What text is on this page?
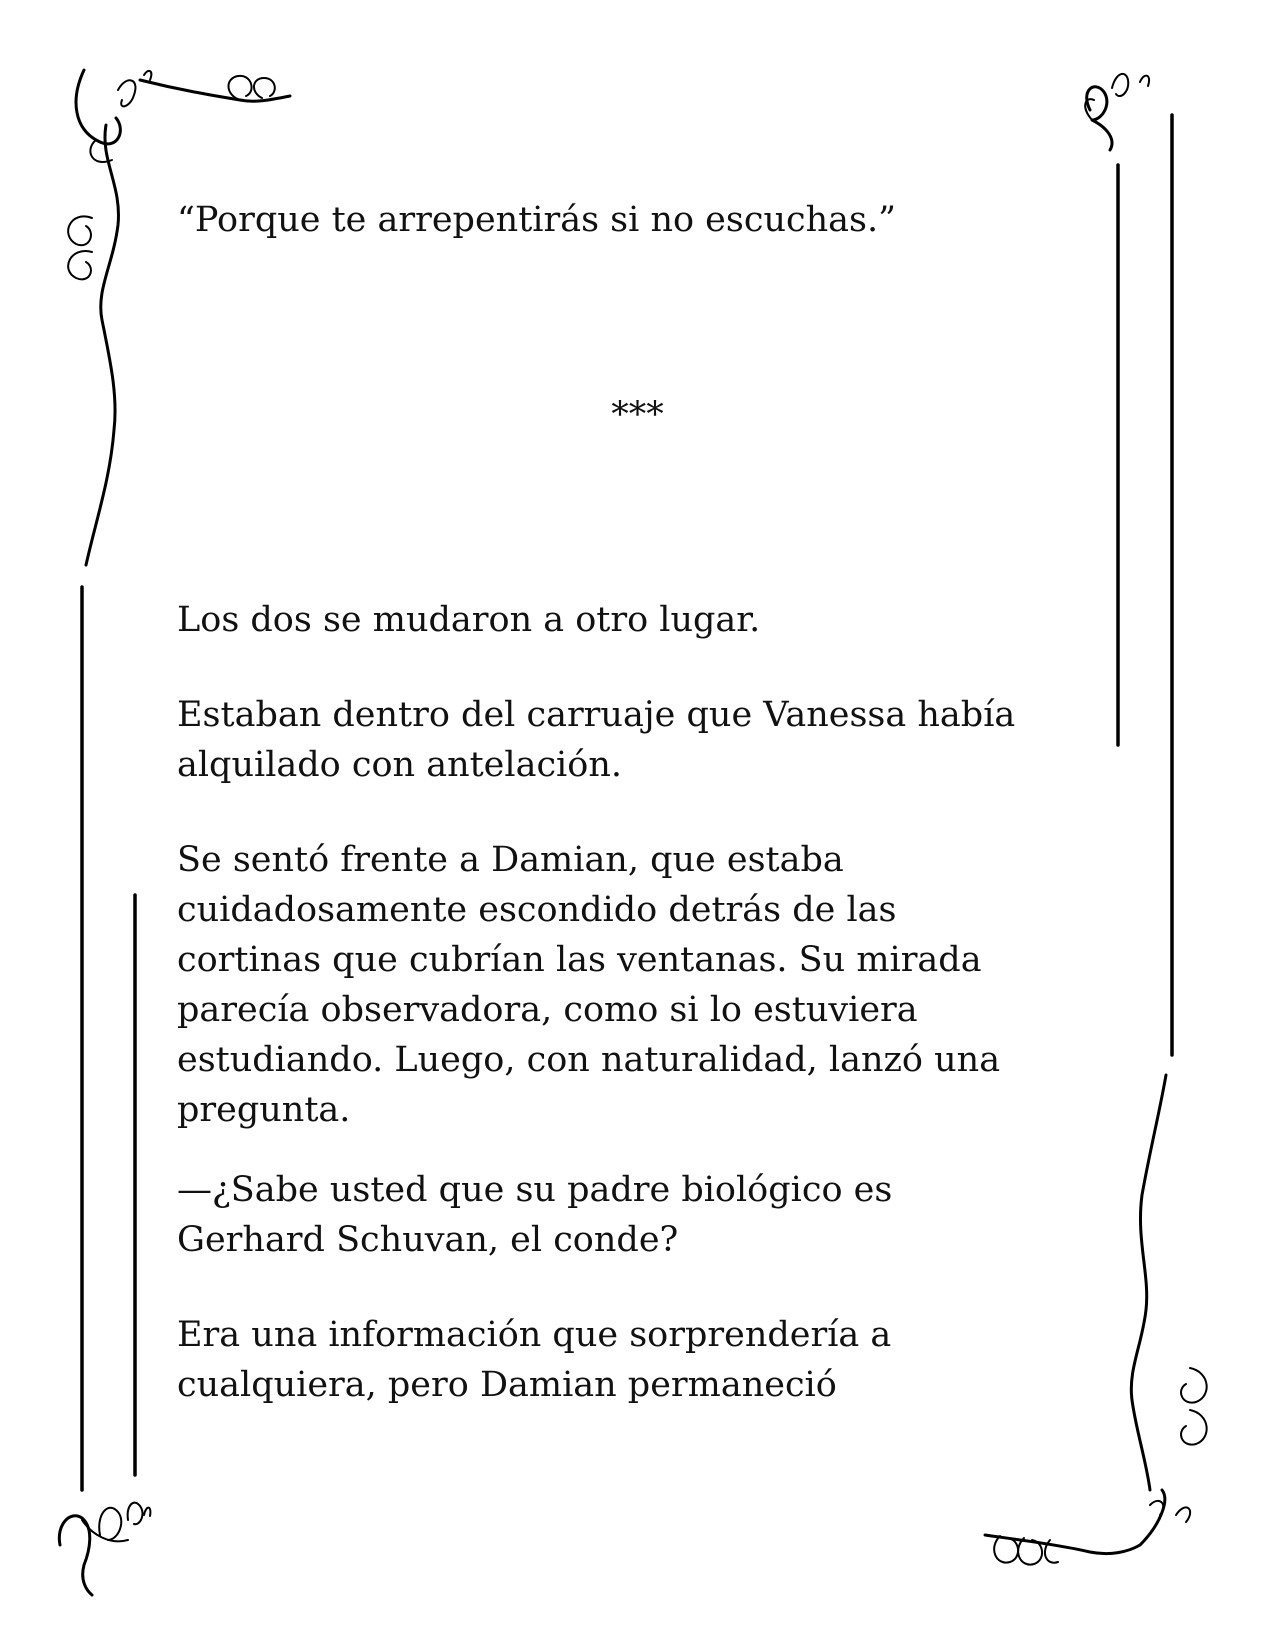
“Porque te arrepentirás si no escuchas.”

***

Los dos se mudaron a otro lugar.

Estaban dentro del carruaje que Vanessa había
alquilado con antelación.

Se sentó frente a Damian, que estaba
cuidadosamente escondido detrás de las
cortinas que cubrían las ventanas. Su mirada
parecía observadora, como si lo estuviera
estudiando. Luego, con naturalidad, lanzó una
pregunta.

—¿Sabe usted que su padre biológico es
Gerhard Schuvan, el conde?

Era una información que sorprendería a
cualquiera, pero Damian permaneció
